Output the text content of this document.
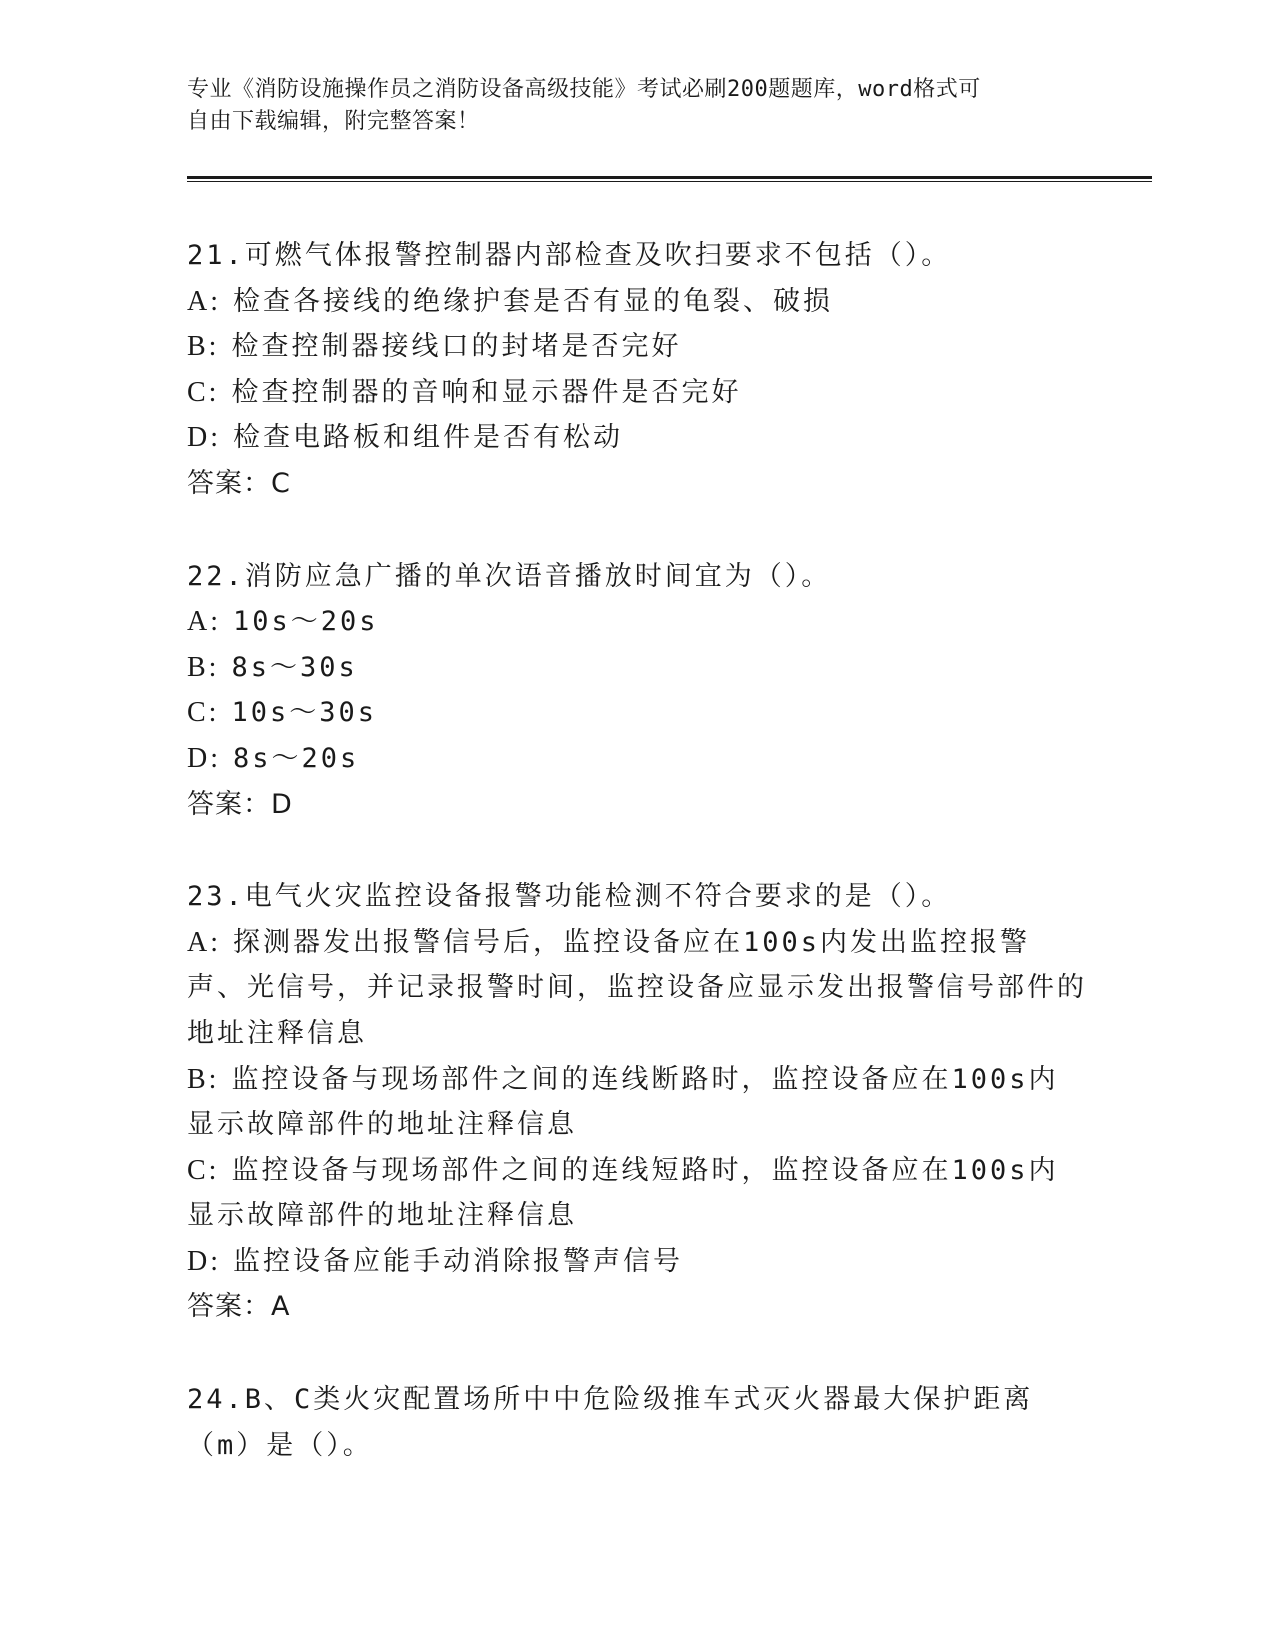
专业《消防设施操作员之消防设备高级技能》考试必刷200题题库，word格式可
自由下载编辑，附完整答案！
21.可燃气体报警控制器内部检查及吹扫要求不包括（）。
A: 检查各接线的绝缘护套是否有显的龟裂、破损
B: 检查控制器接线口的封堵是否完好
C: 检查控制器的音响和显示器件是否完好
D: 检查电路板和组件是否有松动
答案：C
22.消防应急广播的单次语音播放时间宜为（）。
A: 10s～20s
B: 8s～30s
C: 10s～30s
D: 8s～20s
答案：D
23.电气火灾监控设备报警功能检测不符合要求的是（）。
A: 探测器发出报警信号后，监控设备应在100s内发出监控报警声、光信号，并记录报警时间，监控设备应显示发出报警信号部件的地址注释信息
B: 监控设备与现场部件之间的连线断路时，监控设备应在100s内显示故障部件的地址注释信息
C: 监控设备与现场部件之间的连线短路时，监控设备应在100s内显示故障部件的地址注释信息
D: 监控设备应能手动消除报警声信号
答案：A
24.B、C类火灾配置场所中中危险级推车式灭火器最大保护距离（m）是（）。
